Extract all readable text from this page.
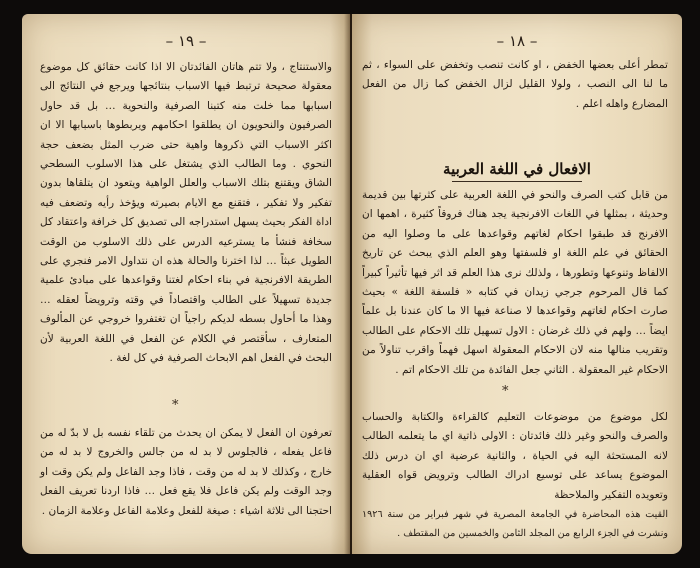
– ١٩ –

والاستنتاج ، ولا تتم هاتان الفائدتان الا اذا كانت حقائق كل موضوع معقولة صحيحة ترتبط فيها الاسباب بنتائجها ويرجع في النتائج الى اسبابها مما خلت منه كتبنا الصرفية والنحوية … بل قد حاول الصرفيون والنحويون ان يطلقوا احكامهم ويربطوها باسبابها الا ان اكثر الاسباب التي ذكروها واهية حتى ضرب المثل بضعف حجة النحوي . وما الطالب الذي يشتغل على هذا الاسلوب السطحي الشاق ويقتنع بتلك الاسباب والعلل الواهية ويتعود ان يتلقاها بدون تفكير ولا تفكير ، فتقنع مع الايام بصيرته ويؤخذ رأيه وتضعف فيه اداة الفكر بحيث يسهل استدراجه الى تصديق كل خرافة واعتقاد كل سخافة فنشأ ما يسترعيه الدرس على ذلك الاسلوب من الوقت الطويل عبثاً … لذا اخترنا والحالة هذه ان نتداول الامر فنجري على الطريقة الافرنجية في بناء احكام لغتنا وقواعدها على مبادئ علمية جديدة تسهيلاً على الطالب واقتصاداً في وقته وترويضاً لعقله … وهذا ما أحاول بسطه لديكم راجياً ان تغتفروا خروجي عن المألوف المتعارف ، سأقتصر في الكلام عن الفعل في اللغة العربية لأن البحث في الفعل اهم الابحاث الصرفية في كل لغة .

*

تعرفون ان الفعل لا يمكن ان يحدث من تلقاء نفسه بل لا بدّ له من فاعل يفعله ، فالجلوس لا بد له من جالس والخروج لا بد له من خارج ، وكذلك لا بد له من وقت ، فاذا وجد الفاعل ولم يكن وقت او وجد الوقت ولم يكن فاعل فلا يقع فعل … فاذا اردنا تعريف الفعل احتجنا الى ثلاثة اشياء : صيغة للفعل وعلامة الفاعل وعلامة الزمان .

– ١٨ –

تمطر أعلى بعضها الخفض ، او كانت تنصب وتخفض على السواء ، ثم ما لنا الى النصب ، ولولا القليل لزال الخفض كما زال من الفعل المضارع واهله اعلم .

الافعال في اللغة العربية

من قابل كتب الصرف والنحو في اللغة العربية على كثرتها بين قديمة وحديثة ، بمثلها في اللغات الافرنجية يجد هناك فروقاً كثيرة ، اهمها ان الافرنج قد طبقوا احكام لغاتهم وقواعدها على ما وصلوا اليه من الحقائق في علم اللغة او فلسفتها وهو العلم الذي يبحث عن تاريخ الالفاظ وتنوعها وتطورها ، ولذلك نرى هذا العلم قد اثر فيها تأثيراً كبيراً كما قال المرحوم جرجي زيدان في كتابه « فلسفة اللغة » بحيث صارت احكام لغاتهم وقواعدها لا صناعة فيها الا ما كان عندنا بل علماً ايضاً … ولهم في ذلك غرضان : الاول تسهيل تلك الاحكام على الطالب وتقريب منالها منه لان الاحكام المعقولة اسهل فهماً واقرب تناولاً من الاحكام غير المعقولة . الثاني جعل الفائدة من تلك الاحكام اتم .

*

لكل موضوع من موضوعات التعليم كالقراءة والكتابة والحساب والصرف والنحو وغير ذلك فائدتان : الاولى ذاتية اي ما يتعلمه الطالب لانه المستحثة اليه في الحياة ، والثانية عرضية اي ان درس ذلك الموضوع يساعد على توسيع ادراك الطالب وترويض قواه العقلية وتعويده التفكير والملاحظة
القيت هذه المحاضرة في الجامعة المصرية في شهر فبراير من سنة ١٩٢٦ ونشرت في الجزء الرابع من المجلد الثامن والخمسين من المقتطف .
